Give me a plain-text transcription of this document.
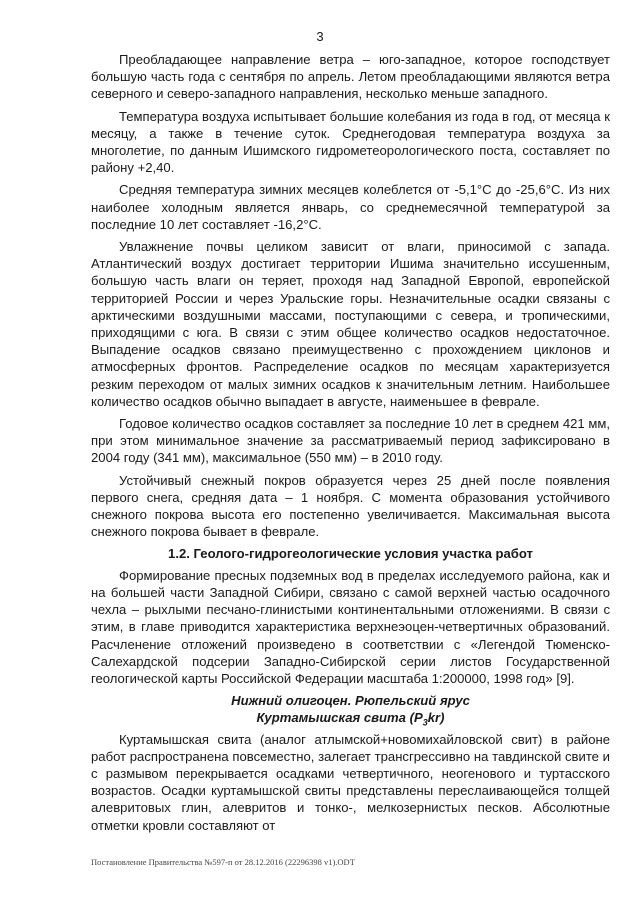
3

Преобладающее направление ветра – юго-западное, которое господствует большую часть года с сентября по апрель. Летом преобладающими являются ветра северного и северо-западного направления, несколько меньше западного.

Температура воздуха испытывает большие колебания из года в год, от месяца к месяцу, а также в течение суток. Среднегодовая температура воздуха за многолетие, по данным Ишимского гидрометеорологического поста, составляет по району +2,40.

Средняя температура зимних месяцев колеблется от -5,1°С до -25,6°С. Из них наиболее холодным является январь, со среднемесячной температурой за последние 10 лет составляет -16,2°С.

Увлажнение почвы целиком зависит от влаги, приносимой с запада. Атлантический воздух достигает территории Ишима значительно иссушенным, большую часть влаги он теряет, проходя над Западной Европой, европейской территорией России и через Уральские горы. Незначительные осадки связаны с арктическими воздушными массами, поступающими с севера, и тропическими, приходящими с юга. В связи с этим общее количество осадков недостаточное. Выпадение осадков связано преимущественно с прохождением циклонов и атмосферных фронтов. Распределение осадков по месяцам характеризуется резким переходом от малых зимних осадков к значительным летним. Наибольшее количество осадков обычно выпадает в августе, наименьшее в феврале.

Годовое количество осадков составляет за последние 10 лет в среднем 421 мм, при этом минимальное значение за рассматриваемый период зафиксировано в 2004 году (341 мм), максимальное (550 мм) – в 2010 году.

Устойчивый снежный покров образуется через 25 дней после появления первого снега, средняя дата – 1 ноября. С момента образования устойчивого снежного покрова высота его постепенно увеличивается. Максимальная высота снежного покрова бывает в феврале.

1.2. Геолого-гидрогеологические условия участка работ

Формирование пресных подземных вод в пределах исследуемого района, как и на большей части Западной Сибири, связано с самой верхней частью осадочного чехла – рыхлыми песчано-глинистыми континентальными отложениями. В связи с этим, в главе приводится характеристика верхнеэоцен-четвертичных образований. Расчленение отложений произведено в соответствии с «Легендой Тюменско-Салехардской подсерии Западно-Сибирской серии листов Государственной геологической карты Российской Федерации масштаба 1:200000, 1998 год» [9].

Нижний олигоцен. Рюпельский ярус

Куртамышская свита $(Р_3kr)$

Куртамышская свита (аналог атлымской+новомихайловской свит) в районе работ распространена повсеместно, залегает трансгрессивно на тавдинской свите и с размывом перекрывается осадками четвертичного, неогенового и туртасского возрастов. Осадки куртамышской свиты представлены переслаивающейся толщей алевритовых глин, алевритов и тонко-, мелкозернистых песков. Абсолютные отметки кровли составляют от

Постановление Правительства №597-п от 28.12.2016 (22296398 v1).ODT
